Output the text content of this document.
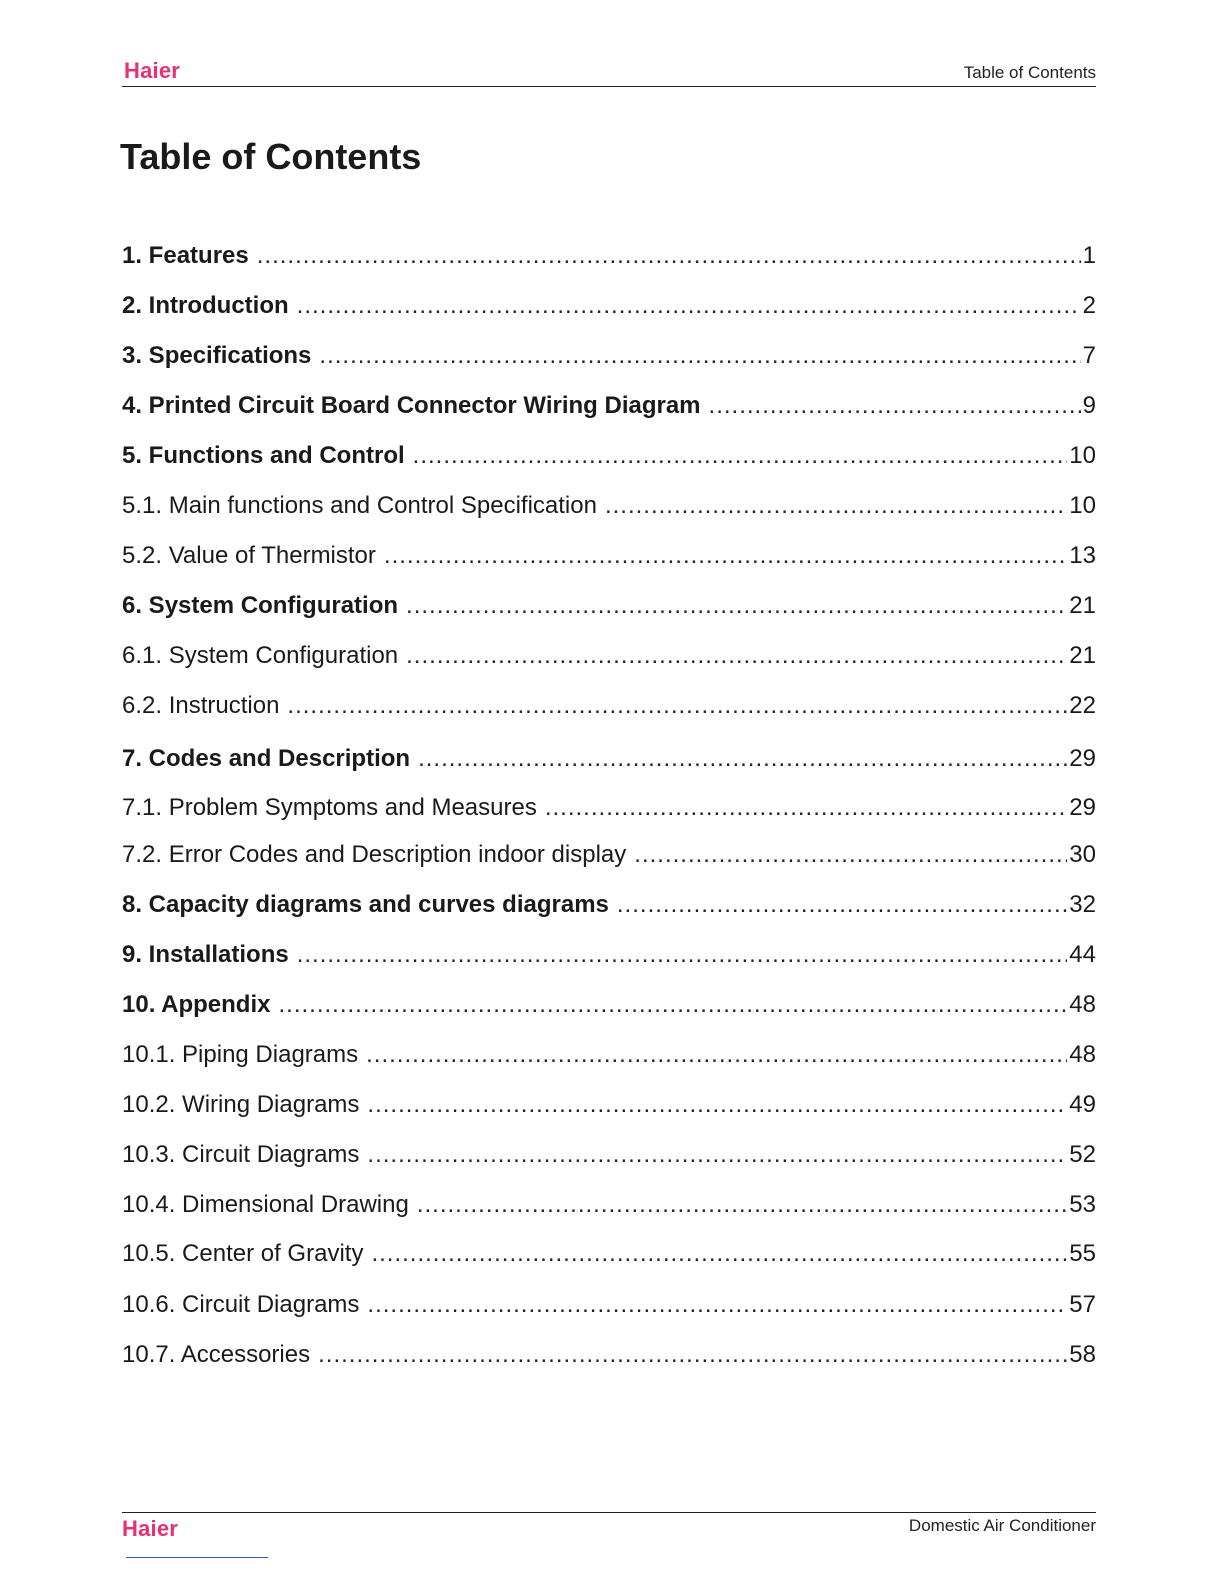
Haier	Table of Contents
Table of Contents
1. Features .....	1
2. Introduction .....	2
3. Specifications .....	7
4. Printed Circuit Board Connector Wiring Diagram .....	9
5. Functions and Control .....	10
5.1. Main functions and Control Specification .....	10
5.2. Value of Thermistor .....	13
6. System Configuration .....	21
6.1. System Configuration .....	21
6.2. Instruction .....	22
7. Codes and Description .....	29
7.1. Problem Symptoms and Measures .....	29
7.2. Error Codes and Description indoor display .....	30
8. Capacity diagrams and curves diagrams .....	32
9. Installations .....	44
10. Appendix .....	48
10.1. Piping Diagrams .....	48
10.2. Wiring Diagrams .....	49
10.3. Circuit Diagrams .....	52
10.4. Dimensional Drawing .....	53
10.5. Center of Gravity .....	55
10.6. Circuit Diagrams .....	57
10.7. Accessories .....	58
Haier	Domestic Air Conditioner
